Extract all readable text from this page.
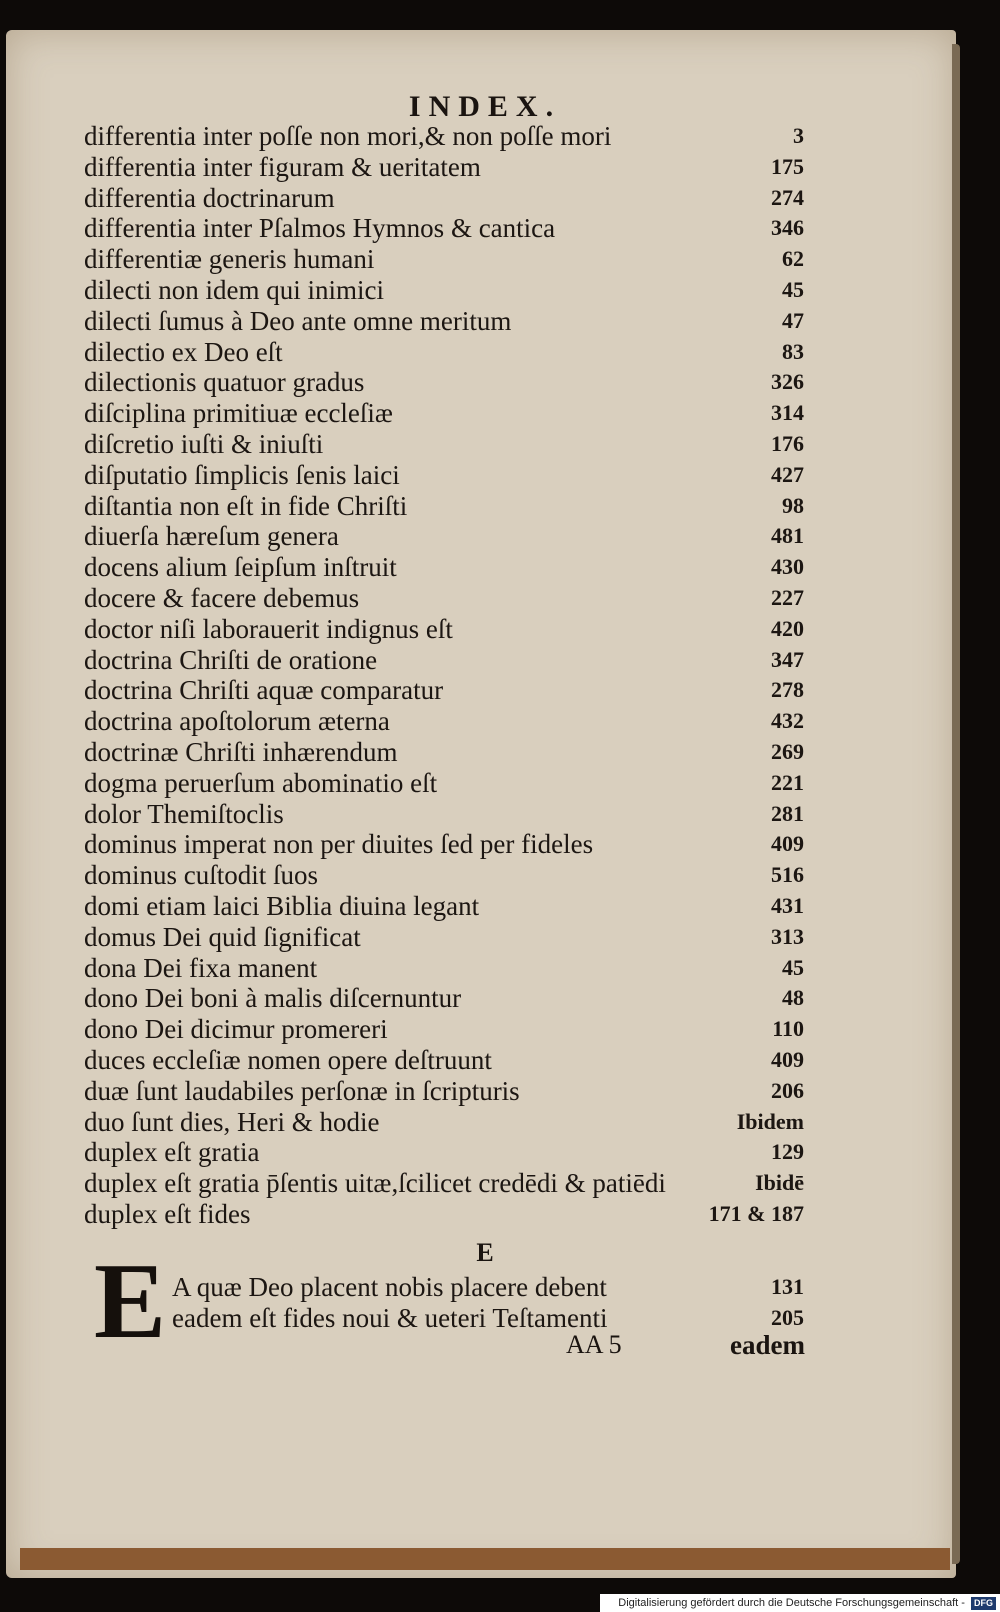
INDEX.
differentia inter poſſe non mori,& non poſſe mori	3
differentia inter figuram & ueritatem	175
differentia doctrinarum	274
differentia inter Pſalmos Hymnos & cantica	346
differentiæ generis humani	62
dilecti non idem qui inimici	45
dilecti ſumus à Deo ante omne meritum	47
dilectio ex Deo eſt	83
dilectionis quatuor gradus	326
diſciplina primitiuæ eccleſiæ	314
diſcretio iuſti & iniuſti	176
diſputatio ſimplicis ſenis laici	427
diſtantia non eſt in fide Chriſti	98
diuerſa hæreſum genera	481
docens alium ſeipſum inſtruit	430
docere & facere debemus	227
doctor niſi laborauerit indignus eſt	420
doctrina Chriſti de oratione	347
doctrina Chriſti aquæ comparatur	278
doctrina apoſtolorum æterna	432
doctrinæ Chriſti inhærendum	269
dogma peruerſum abominatio eſt	221
dolor Themiſtoclis	281
dominus imperat non per diuites ſed per fideles	409
dominus cuſtodit ſuos	516
domi etiam laici Biblia diuina legant	431
domus Dei quid ſignificat	313
dona Dei fixa manent	45
dono Dei boni à malis diſcernuntur	48
dono Dei dicimur promereri	110
duces eccleſiæ nomen opere deſtruunt	409
duæ ſunt laudabiles perſonæ in ſcripturis	206
duo ſunt dies, Heri & hodie	Ibidem
duplex eſt gratia	129
duplex eſt gratia p̄ſentis uitæ,ſcilicet credēdi & patiēdi	Ibidē
duplex eſt fides	171 & 187
E
E A quæ Deo placent nobis placere debent	131
eadem eſt fides noui & ueteri Teſtamenti	205
AA 5	eadem
Digitalisierung gefördert durch die Deutsche Forschungsgemeinschaft - DFG
